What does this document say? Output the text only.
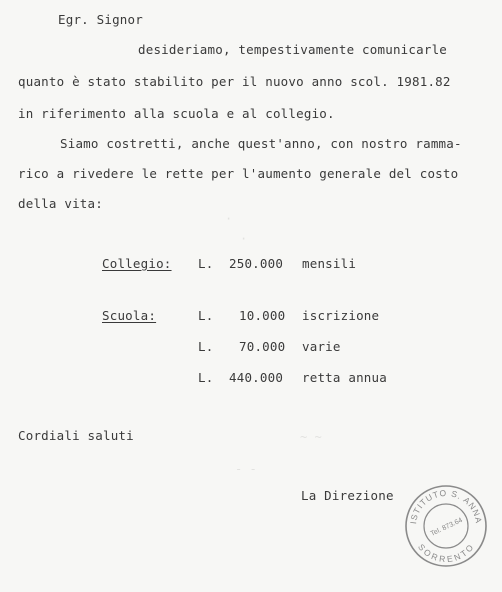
·
·
~ ~
- -
Egr. Signor
desideriamo, tempestivamente comunicarle
quanto è stato stabilito per il nuovo anno scol. 1981.82
in riferimento alla scuola e al collegio.
Siamo costretti, anche quest'anno, con nostro ramma-
rico a rivedere le rette per l'aumento generale del costo
della vita:
Collegio: L. 250.000 mensili
Scuola:	L. 10.000 iscrizione
L. 70.000 varie
L. 440.000 retta annua
Cordiali saluti
La Direzione
ISTITUTO S. ANNA
SORRENTO
Tel. 873.64
